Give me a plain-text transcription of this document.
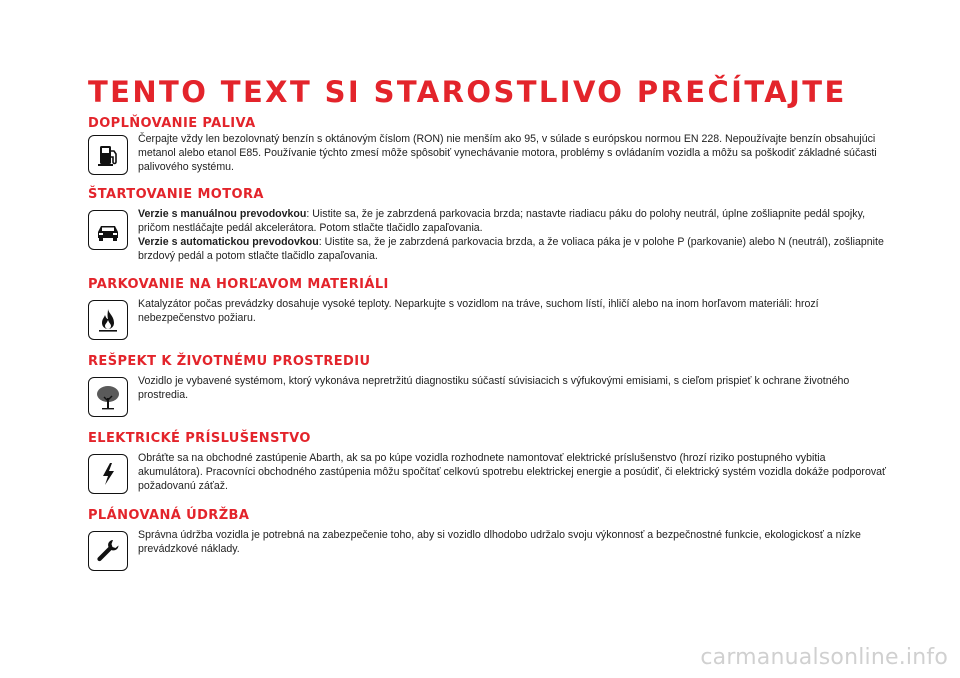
TENTO TEXT SI STAROSTLIVO PREČÍTAJTE
DOPLŇOVANIE PALIVA

Čerpajte vždy len bezolovnatý benzín s oktánovým číslom (RON) nie menším ako 95, v súlade s európskou normou EN 228. Nepoužívajte benzín obsahujúci metanol alebo etanol E85. Používanie týchto zmesí môže spôsobiť vynechávanie motora, problémy s ovládaním vozidla a môžu sa poškodiť základné súčasti palivového systému.

ŠTARTOVANIE MOTORA

Verzie s manuálnou prevodovkou: Uistite sa, že je zabrzdená parkovacia brzda; nastavte riadiacu páku do polohy neutrál, úplne zošliapnite pedál spojky, pričom nestláčajte pedál akcelerátora. Potom stlačte tlačidlo zapaľovania.

Verzie s automatickou prevodovkou: Uistite sa, že je zabrzdená parkovacia brzda, a že voliaca páka je v polohe P (parkovanie) alebo N (neutrál), zošliapnite brzdový pedál a potom stlačte tlačidlo zapaľovania.

PARKOVANIE NA HORĽAVOM MATERIÁLI

Katalyzátor počas prevádzky dosahuje vysoké teploty. Neparkujte s vozidlom na tráve, suchom lístí, ihličí alebo na inom horľavom materiáli: hrozí nebezpečenstvo požiaru.

REŠPEKT K ŽIVOTNÉMU PROSTREDIU

Vozidlo je vybavené systémom, ktorý vykonáva nepretržitú diagnostiku súčastí súvisiacich s výfukovými emisiami, s cieľom prispieť k ochrane životného prostredia.

ELEKTRICKÉ PRÍSLUŠENSTVO

Obráťte sa na obchodné zastúpenie Abarth, ak sa po kúpe vozidla rozhodnete namontovať elektrické príslušenstvo (hrozí riziko postupného vybitia akumulátora). Pracovníci obchodného zastúpenia môžu spočítať celkovú spotrebu elektrickej energie a posúdiť, či elektrický systém vozidla dokáže podporovať požadovanú záťaž.

PLÁNOVANÁ ÚDRŽBA

Správna údržba vozidla je potrebná na zabezpečenie toho, aby si vozidlo dlhodobo udržalo svoju výkonnosť a bezpečnostné funkcie, ekologickosť a nízke prevádzkové náklady.

carmanualsonline.info
